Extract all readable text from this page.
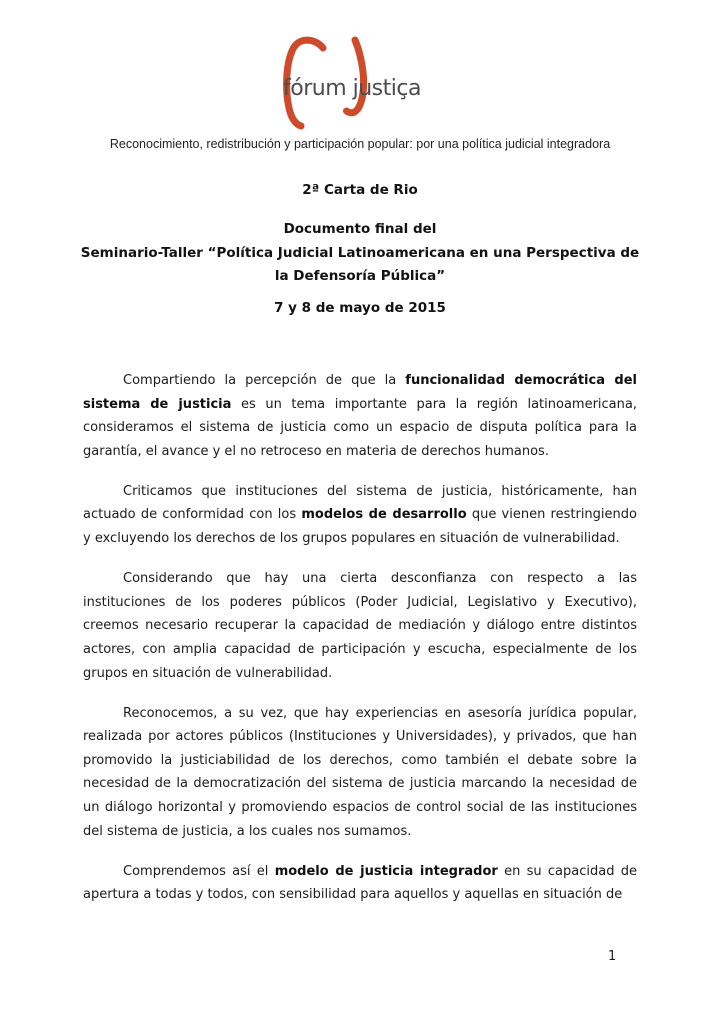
fórum justiça
Reconocimiento, redistribución y participación popular: por una política judicial integradora
2ª Carta de Rio
Documento final del
Seminario-Taller “Política Judicial Latinoamericana en una Perspectiva de
la Defensoría Pública”
7 y 8 de mayo de 2015

Compartiendo la percepción de que la funcionalidad democrática del sistema de justicia es un tema importante para la región latinoamericana, consideramos el sistema de justicia como un espacio de disputa política para la garantía, el avance y el no retroceso en materia de derechos humanos.

Criticamos que instituciones del sistema de justicia, históricamente, han actuado de conformidad con los modelos de desarrollo que vienen restringiendo y excluyendo los derechos de los grupos populares en situación de vulnerabilidad.

Considerando que hay una cierta desconfianza con respecto a las instituciones de los poderes públicos (Poder Judicial, Legislativo y Executivo), creemos necesario recuperar la capacidad de mediación y diálogo entre distintos actores, con amplia capacidad de participación y escucha, especialmente de los grupos en situación de vulnerabilidad.

Reconocemos, a su vez, que hay experiencias en asesoría jurídica popular, realizada por actores públicos (Instituciones y Universidades), y privados, que han promovido la justiciabilidad de los derechos, como también el debate sobre la necesidad de la democratización del sistema de justicia marcando la necesidad de un diálogo horizontal y promoviendo espacios de control social de las instituciones del sistema de justicia, a los cuales nos sumamos.

Comprendemos así el modelo de justicia integrador en su capacidad de apertura a todas y todos, con sensibilidad para aquellos y aquellas en situación de

1
